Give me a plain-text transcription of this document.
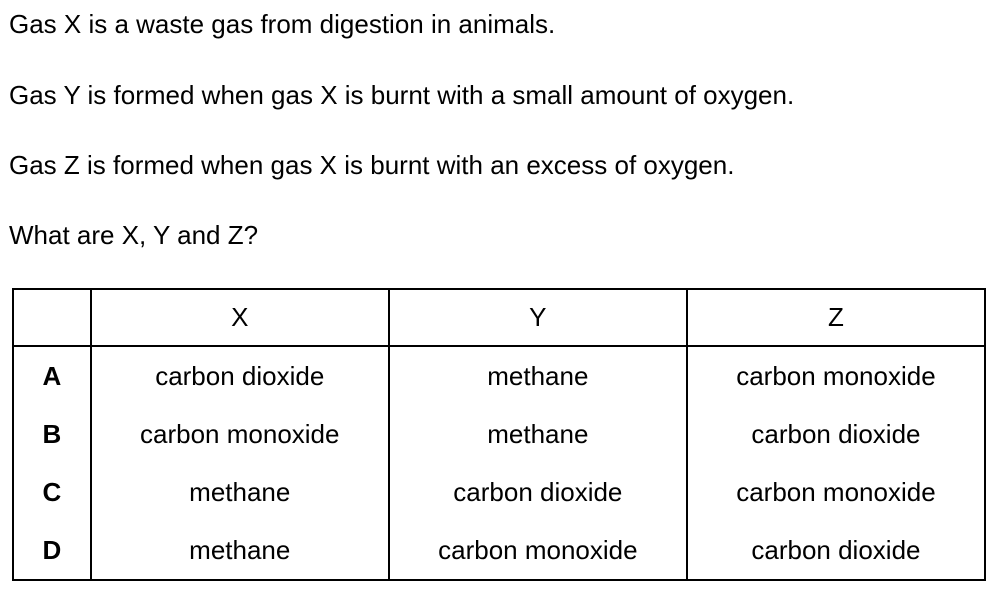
Gas X is a waste gas from digestion in animals.
Gas Y is formed when gas X is burnt with a small amount of oxygen.
Gas Z is formed when gas X is burnt with an excess of oxygen.
What are X, Y and Z?
	X	Y	Z
A	carbon dioxide	methane	carbon monoxide
B	carbon monoxide	methane	carbon dioxide
C	methane	carbon dioxide	carbon monoxide
D	methane	carbon monoxide	carbon dioxide
